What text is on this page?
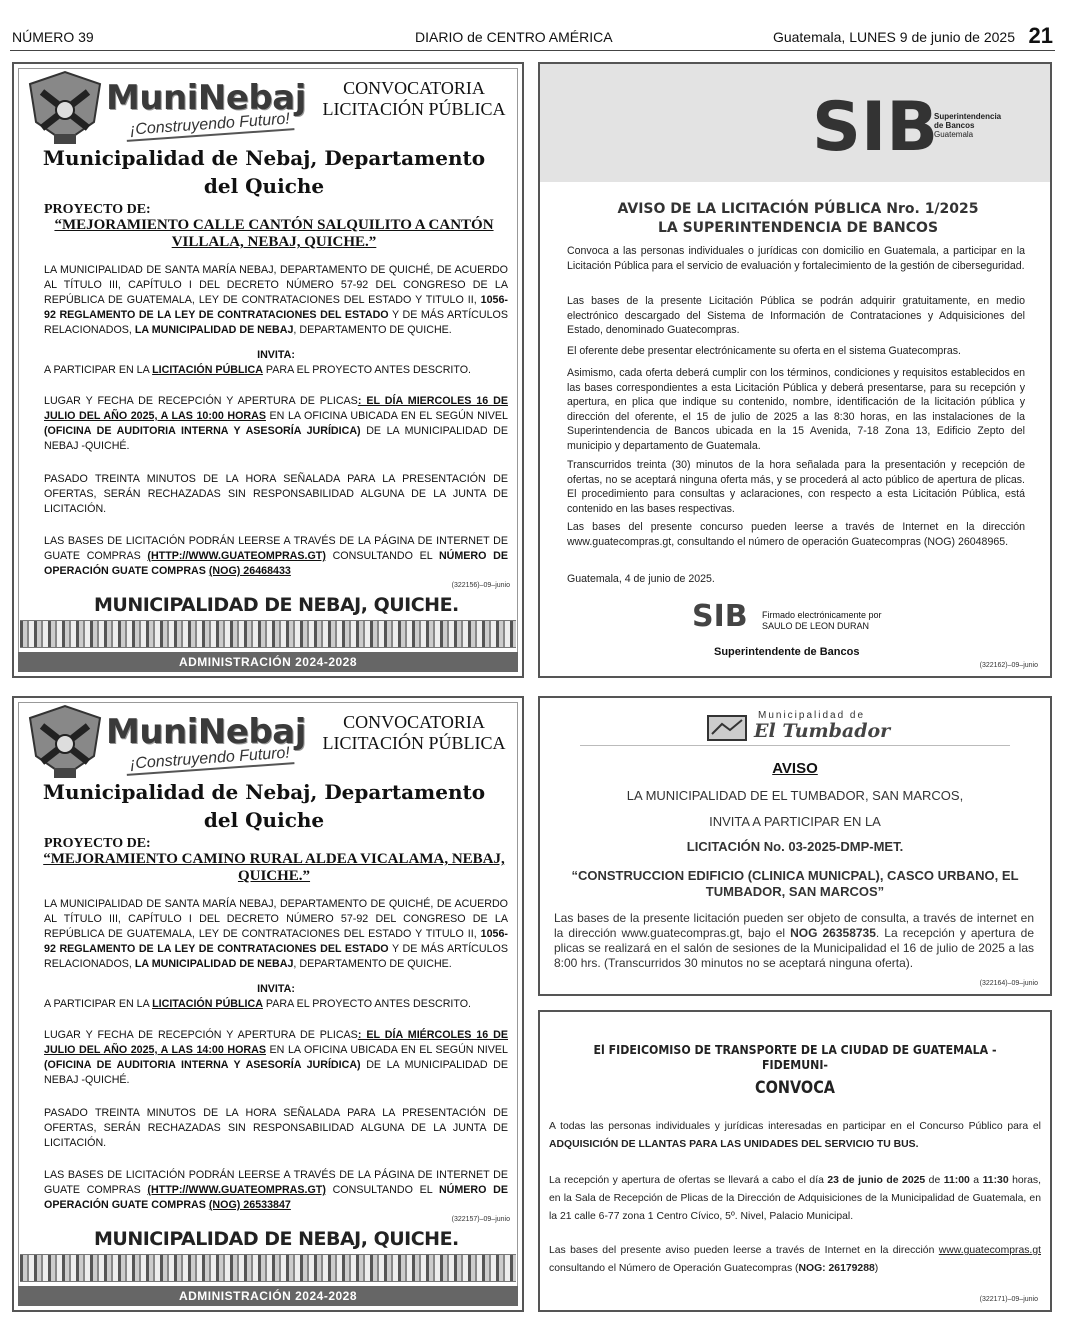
NÚMERO 39	DIARIO de CENTRO AMÉRICA	Guatemala, LUNES 9 de junio de 2025 21
MuniNebaj
¡Construyendo Futuro!
CONVOCATORIA
LICITACIÓN PÚBLICA
Municipalidad de Nebaj, Departamento del Quiche
PROYECTO DE:
“MEJORAMIENTO CALLE CANTÓN SALQUILITO A CANTÓN VILLALA, NEBAJ, QUICHE.”
LA MUNICIPALIDAD DE SANTA MARÍA NEBAJ, DEPARTAMENTO DE QUICHÉ, DE ACUERDO AL TÍTULO III, CAPÍTULO I DEL DECRETO NÚMERO 57-92 DEL CONGRESO DE LA REPÚBLICA DE GUATEMALA, LEY DE CONTRATACIONES DEL ESTADO Y TITULO II, 1056-92 REGLAMENTO DE LA LEY DE CONTRATACIONES DEL ESTADO Y DE MÁS ARTÍCULOS RELACIONADOS, LA MUNICIPALIDAD DE NEBAJ, DEPARTAMENTO DE QUICHE.
INVITA:
A PARTICIPAR EN LA LICITACIÓN PÚBLICA PARA EL PROYECTO ANTES DESCRITO.
LUGAR Y FECHA DE RECEPCIÓN Y APERTURA DE PLICAS: EL DÍA MIERCOLES 16 DE JULIO DEL AÑO 2025, A LAS 10:00 HORAS EN LA OFICINA UBICADA EN EL SEGÚN NIVEL (OFICINA DE AUDITORIA INTERNA Y ASESORÍA JURÍDICA) DE LA MUNICIPALIDAD DE NEBAJ -QUICHÉ.
PASADO TREINTA MINUTOS DE LA HORA SEÑALADA PARA LA PRESENTACIÓN DE OFERTAS, SERÁN RECHAZADAS SIN RESPONSABILIDAD ALGUNA DE LA JUNTA DE LICITACIÓN.
LAS BASES DE LICITACIÓN PODRÁN LEERSE A TRAVÉS DE LA PÁGINA DE INTERNET DE GUATE COMPRAS (HTTP://WWW.GUATEOMPRAS.GT) CONSULTANDO EL NÚMERO DE OPERACIÓN GUATE COMPRAS (NOG) 26468433
(322156)–09–junio
MUNICIPALIDAD DE NEBAJ, QUICHE.
ADMINISTRACIÓN 2024-2028
SIB
Superintendencia
de Bancos
Guatemala
AVISO DE LA LICITACIÓN PÚBLICA Nro. 1/2025
LA SUPERINTENDENCIA DE BANCOS
Convoca a las personas individuales o jurídicas con domicilio en Guatemala, a participar en la Licitación Pública para el servicio de evaluación y fortalecimiento de la gestión de ciberseguridad.
Las bases de la presente Licitación Pública se podrán adquirir gratuitamente, en medio electrónico descargado del Sistema de Información de Contrataciones y Adquisiciones del Estado, denominado Guatecompras.
El oferente debe presentar electrónicamente su oferta en el sistema Guatecompras.
Asimismo, cada oferta deberá cumplir con los términos, condiciones y requisitos establecidos en las bases correspondientes a esta Licitación Pública y deberá presentarse, para su recepción y apertura, en plica que indique su contenido, nombre, identificación de la licitación pública y dirección del oferente, el 15 de julio de 2025 a las 8:30 horas, en las instalaciones de la Superintendencia de Bancos ubicada en la 15 Avenida, 7-18 Zona 13, Edificio Zepto del municipio y departamento de Guatemala.
Transcurridos treinta (30) minutos de la hora señalada para la presentación y recepción de ofertas, no se aceptará ninguna oferta más, y se procederá al acto público de apertura de plicas. El procedimiento para consultas y aclaraciones, con respecto a esta Licitación Pública, está contenido en las bases respectivas.
Las bases del presente concurso pueden leerse a través de Internet en la dirección www.guatecompras.gt, consultando el número de operación Guatecompras (NOG) 26048965.
Guatemala, 4 de junio de 2025.
SIB Firmado electrónicamente por
SAULO DE LEON DURAN
Superintendente de Bancos
(322162)–09–junio
MuniNebaj
¡Construyendo Futuro!
CONVOCATORIA
LICITACIÓN PÚBLICA
Municipalidad de Nebaj, Departamento del Quiche
PROYECTO DE:
“MEJORAMIENTO CAMINO RURAL ALDEA VICALAMA, NEBAJ, QUICHE.”
LA MUNICIPALIDAD DE SANTA MARÍA NEBAJ, DEPARTAMENTO DE QUICHÉ, DE ACUERDO AL TÍTULO III, CAPÍTULO I DEL DECRETO NÚMERO 57-92 DEL CONGRESO DE LA REPÚBLICA DE GUATEMALA, LEY DE CONTRATACIONES DEL ESTADO Y TITULO II, 1056-92 REGLAMENTO DE LA LEY DE CONTRATACIONES DEL ESTADO Y DE MÁS ARTÍCULOS RELACIONADOS, LA MUNICIPALIDAD DE NEBAJ, DEPARTAMENTO DE QUICHE.
INVITA:
A PARTICIPAR EN LA LICITACIÓN PÚBLICA PARA EL PROYECTO ANTES DESCRITO.
LUGAR Y FECHA DE RECEPCIÓN Y APERTURA DE PLICAS: EL DÍA MIÉRCOLES 16 DE JULIO DEL AÑO 2025, A LAS 14:00 HORAS EN LA OFICINA UBICADA EN EL SEGÚN NIVEL (OFICINA DE AUDITORIA INTERNA Y ASESORÍA JURÍDICA) DE LA MUNICIPALIDAD DE NEBAJ -QUICHÉ.
PASADO TREINTA MINUTOS DE LA HORA SEÑALADA PARA LA PRESENTACIÓN DE OFERTAS, SERÁN RECHAZADAS SIN RESPONSABILIDAD ALGUNA DE LA JUNTA DE LICITACIÓN.
LAS BASES DE LICITACIÓN PODRÁN LEERSE A TRAVÉS DE LA PÁGINA DE INTERNET DE GUATE COMPRAS (HTTP://WWW.GUATEOMPRAS.GT) CONSULTANDO EL NÚMERO DE OPERACIÓN GUATE COMPRAS (NOG) 26533847
(322157)–09–junio
MUNICIPALIDAD DE NEBAJ, QUICHE.
ADMINISTRACIÓN 2024-2028
Municipalidad de
El Tumbador
AVISO
LA MUNICIPALIDAD DE EL TUMBADOR, SAN MARCOS,
INVITA A PARTICIPAR EN LA
LICITACIÓN No. 03-2025-DMP-MET.
“CONSTRUCCION EDIFICIO (CLINICA MUNICPAL), CASCO URBANO, EL TUMBADOR, SAN MARCOS”
Las bases de la presente licitación pueden ser objeto de consulta, a través de internet en la dirección www.guatecompras.gt, bajo el NOG 26358735. La recepción y apertura de plicas se realizará en el salón de sesiones de la Municipalidad el 16 de julio de 2025 a las 8:00 hrs. (Transcurridos 30 minutos no se aceptará ninguna oferta).
(322164)–09–junio
El FIDEICOMISO DE TRANSPORTE DE LA CIUDAD DE GUATEMALA -FIDEMUNI-
CONVOCA
A todas las personas individuales y jurídicas interesadas en participar en el Concurso Público para el ADQUISICIÓN DE LLANTAS PARA LAS UNIDADES DEL SERVICIO TU BUS.
La recepción y apertura de ofertas se llevará a cabo el día 23 de junio de 2025 de 11:00 a 11:30 horas, en la Sala de Recepción de Plicas de la Dirección de Adquisiciones de la Municipalidad de Guatemala, en la 21 calle 6-77 zona 1 Centro Cívico, 5º. Nivel, Palacio Municipal.
Las bases del presente aviso pueden leerse a través de Internet en la dirección www.guatecompras.gt consultando el Número de Operación Guatecompras (NOG: 26179288)
(322171)–09–junio
